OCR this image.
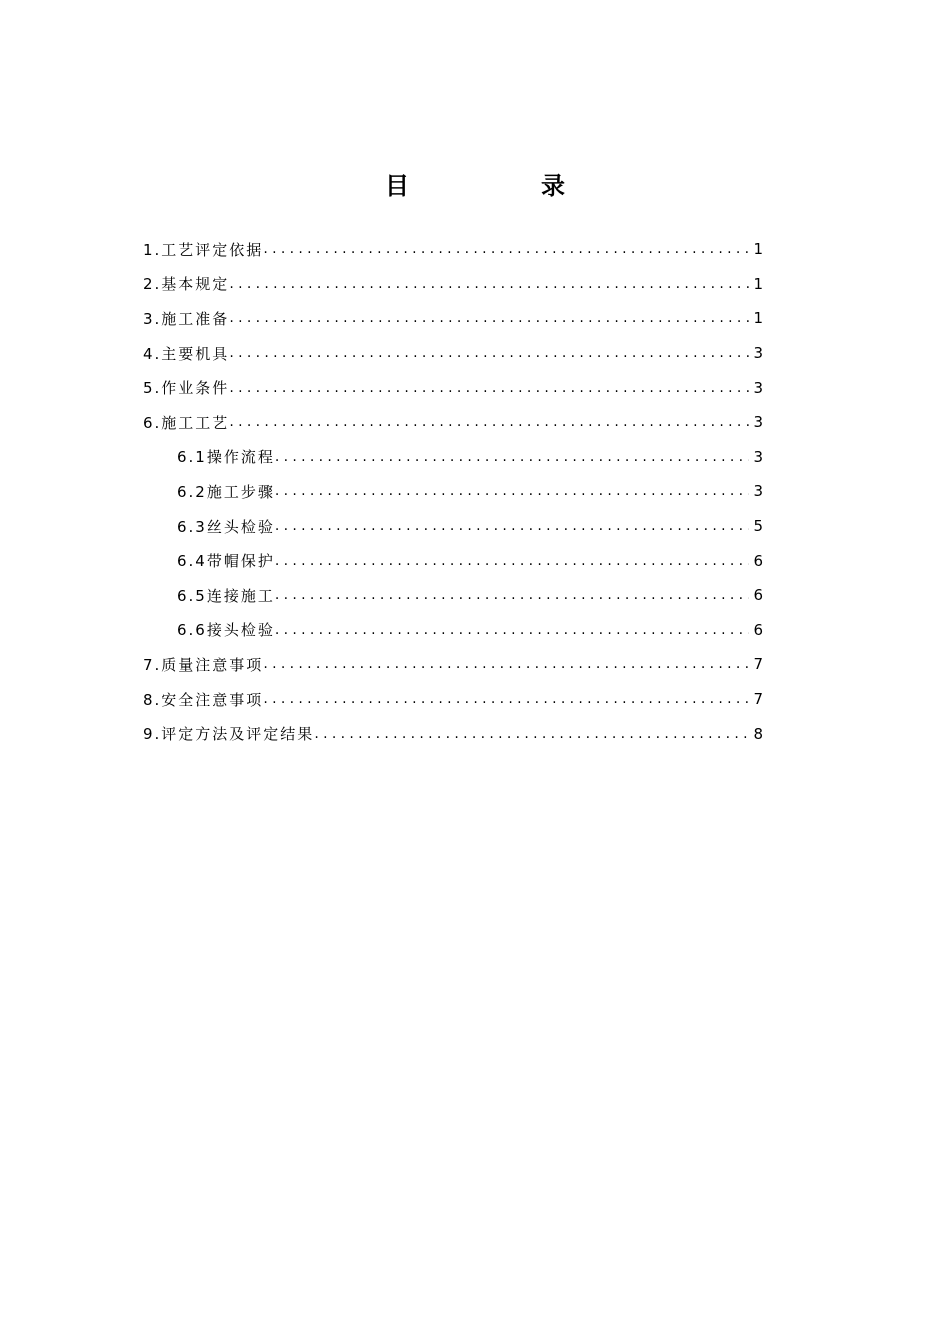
目　录
1.工艺评定依据 .....	1
2.基本规定 .....	1
3.施工准备 .....	1
4.主要机具 .....	3
5.作业条件 .....	3
6.施工工艺 .....	3
6.1操作流程 .....	3
6.2施工步骤 .....	3
6.3丝头检验 .....	5
6.4带帽保护 .....	6
6.5连接施工 .....	6
6.6接头检验 .....	6
7.质量注意事项 .....	7
8.安全注意事项 .....	7
9.评定方法及评定结果 .....	8
